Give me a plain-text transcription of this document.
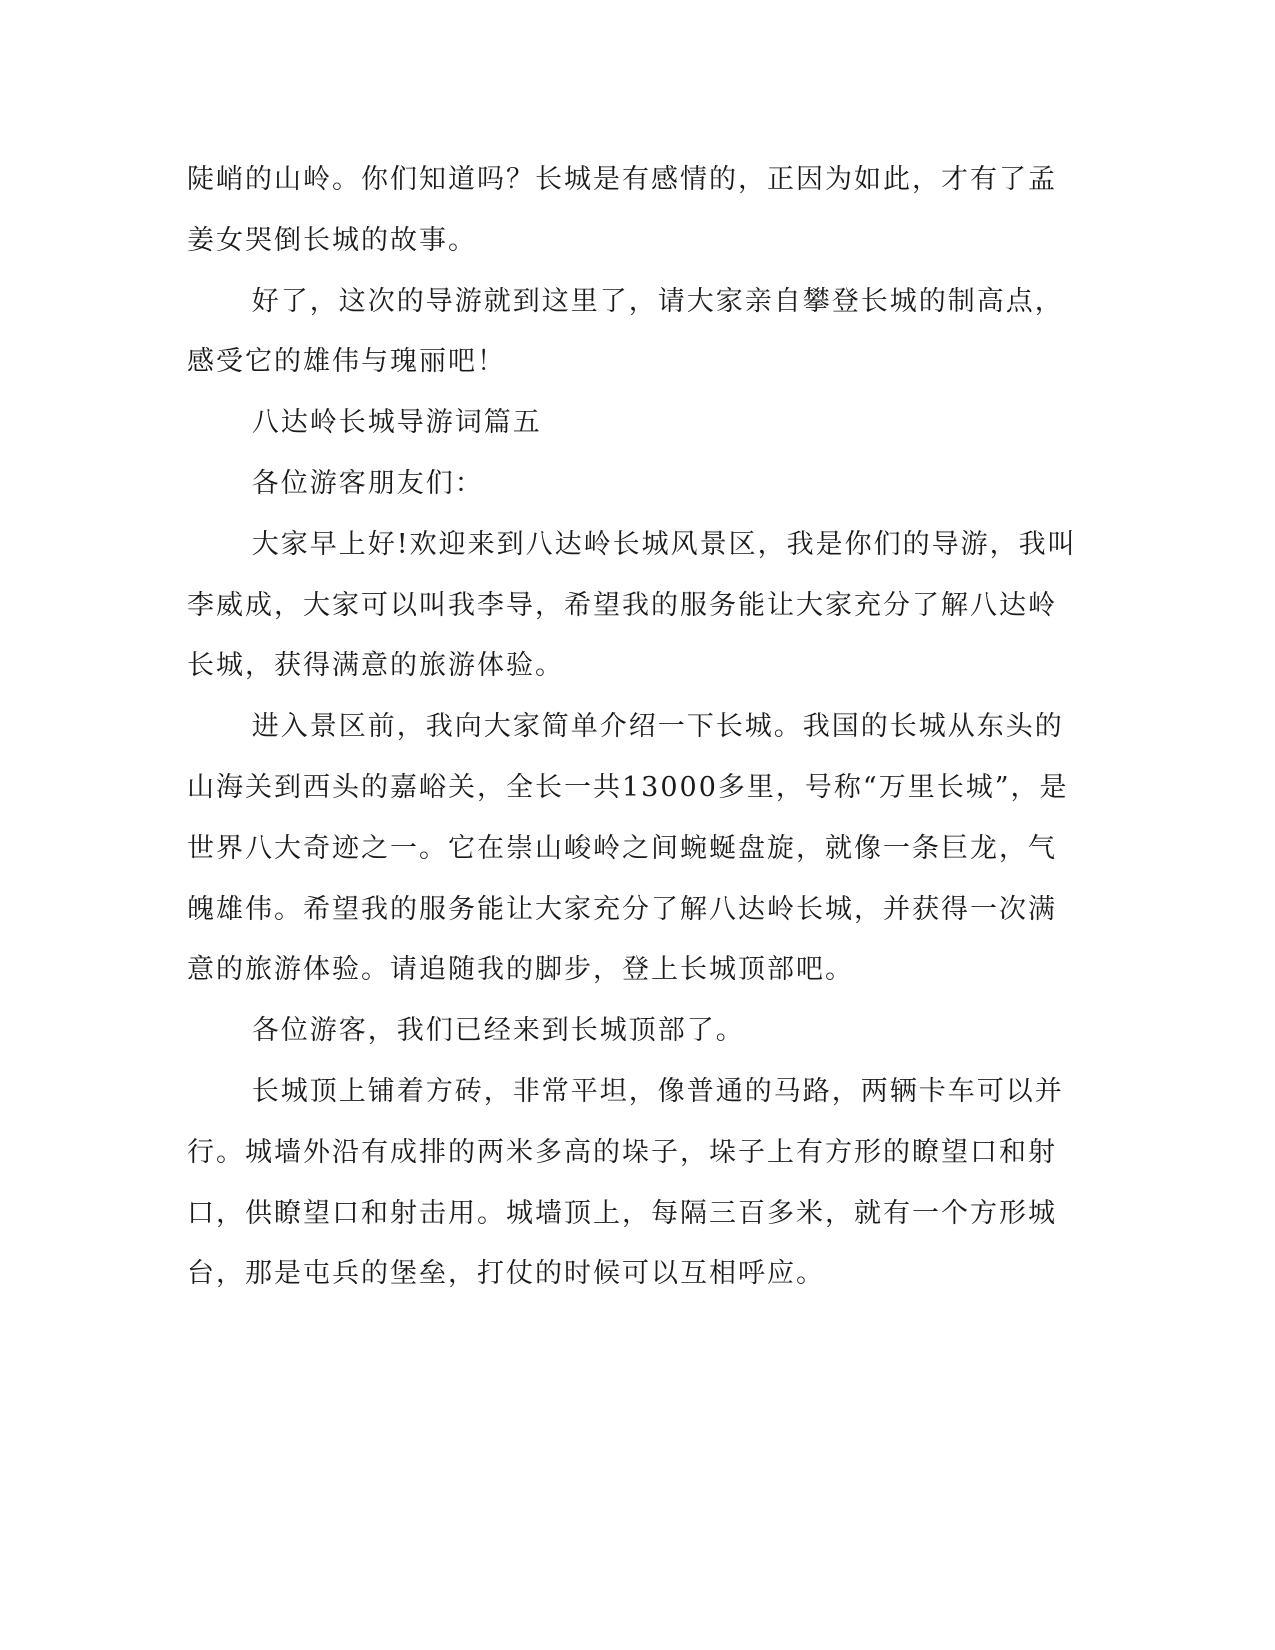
陡峭的山岭。你们知道吗？长城是有感情的，正因为如此，才有了孟姜女哭倒长城的故事。

好了，这次的导游就到这里了，请大家亲自攀登长城的制高点，感受它的雄伟与瑰丽吧！

八达岭长城导游词篇五

各位游客朋友们：

大家早上好!欢迎来到八达岭长城风景区，我是你们的导游，我叫李威成，大家可以叫我李导，希望我的服务能让大家充分了解八达岭长城，获得满意的旅游体验。

进入景区前，我向大家简单介绍一下长城。我国的长城从东头的山海关到西头的嘉峪关，全长一共13000多里，号称“万里长城”，是世界八大奇迹之一。它在崇山峻岭之间蜿蜒盘旋，就像一条巨龙，气魄雄伟。希望我的服务能让大家充分了解八达岭长城，并获得一次满意的旅游体验。请追随我的脚步，登上长城顶部吧。

各位游客，我们已经来到长城顶部了。

长城顶上铺着方砖，非常平坦，像普通的马路，两辆卡车可以并行。城墙外沿有成排的两米多高的垛子，垛子上有方形的瞭望口和射口，供瞭望口和射击用。城墙顶上，每隔三百多米，就有一个方形城台，那是屯兵的堡垒，打仗的时候可以互相呼应。
